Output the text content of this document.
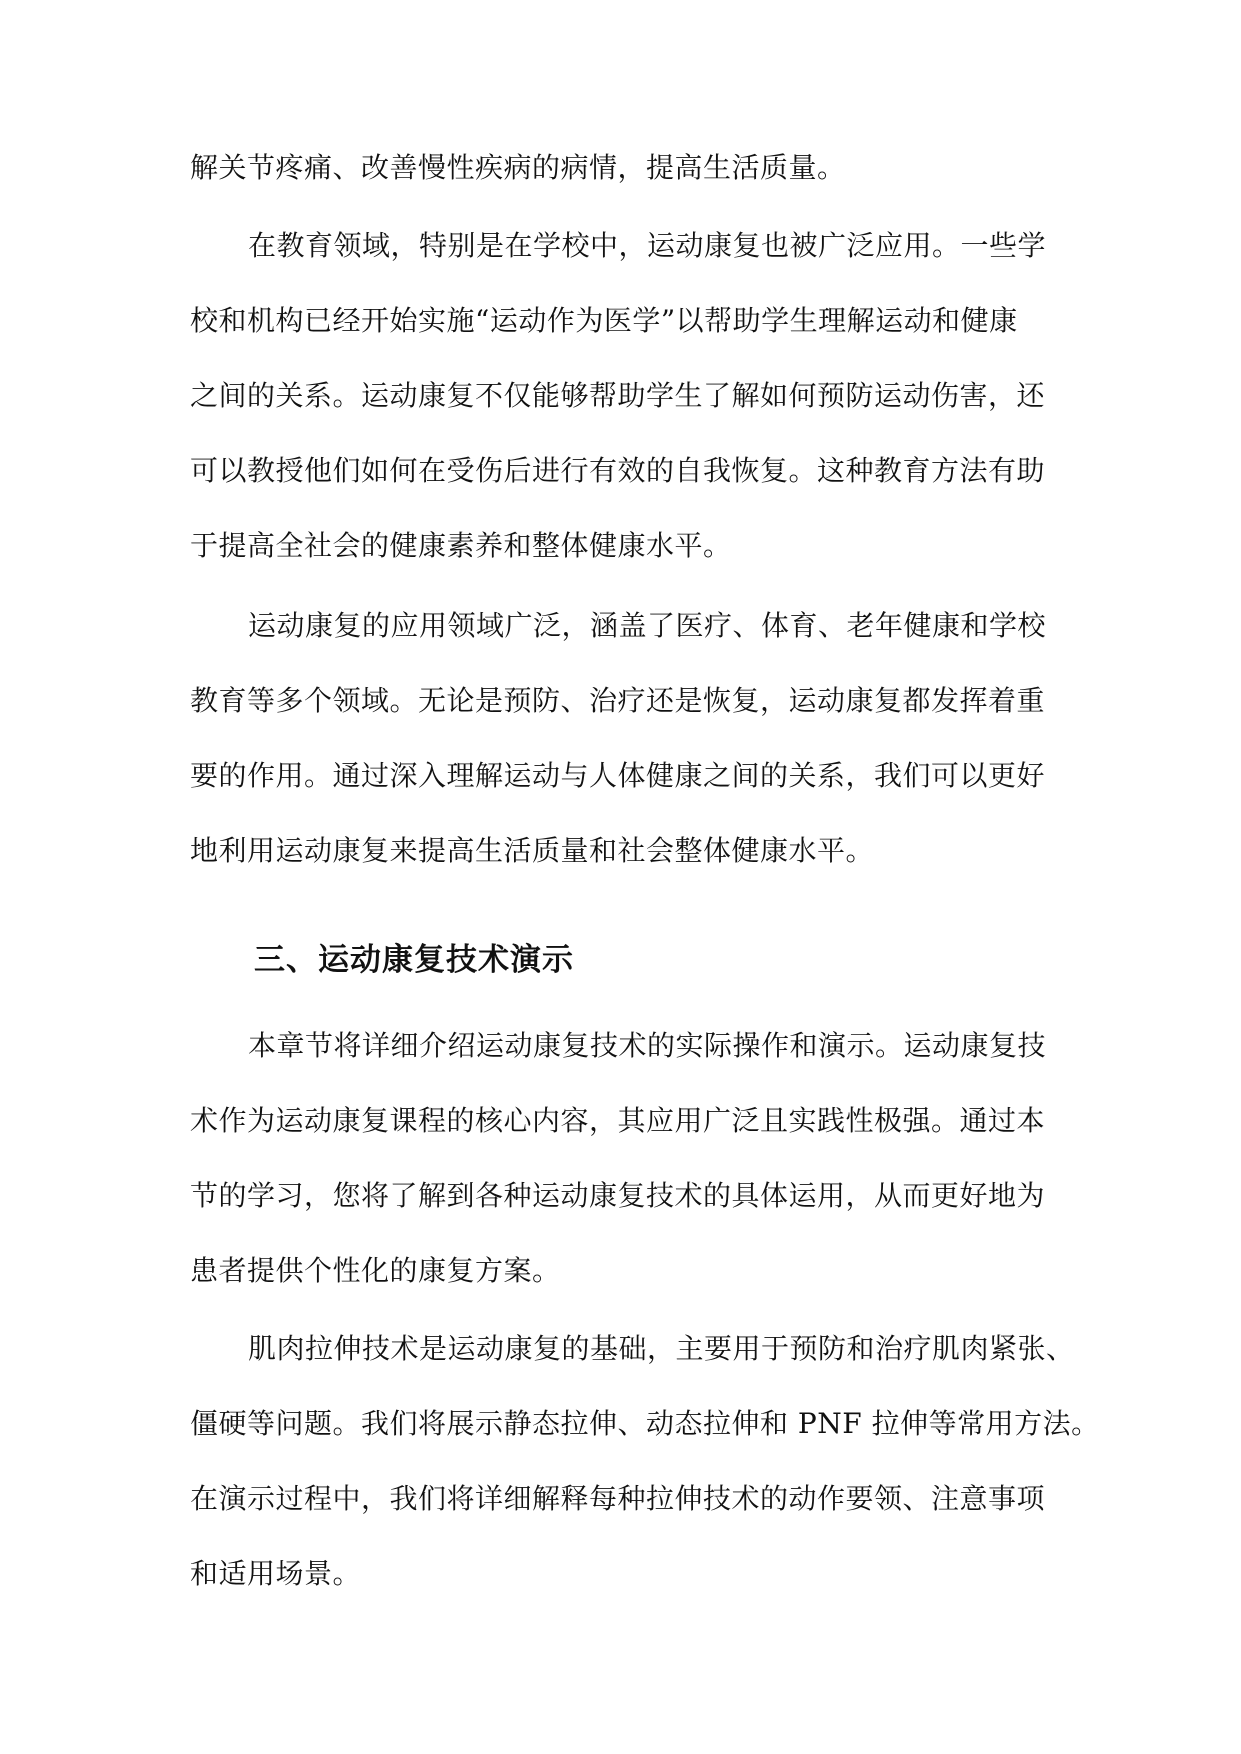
解关节疼痛、改善慢性疾病的病情，提高生活质量。
在教育领域，特别是在学校中，运动康复也被广泛应用。一些学
校和机构已经开始实施“运动作为医学”以帮助学生理解运动和健康
之间的关系。运动康复不仅能够帮助学生了解如何预防运动伤害，还
可以教授他们如何在受伤后进行有效的自我恢复。这种教育方法有助
于提高全社会的健康素养和整体健康水平。
运动康复的应用领域广泛，涵盖了医疗、体育、老年健康和学校
教育等多个领域。无论是预防、治疗还是恢复，运动康复都发挥着重
要的作用。通过深入理解运动与人体健康之间的关系，我们可以更好
地利用运动康复来提高生活质量和社会整体健康水平。
三、运动康复技术演示
本章节将详细介绍运动康复技术的实际操作和演示。运动康复技
术作为运动康复课程的核心内容，其应用广泛且实践性极强。通过本
节的学习，您将了解到各种运动康复技术的具体运用，从而更好地为
患者提供个性化的康复方案。
肌肉拉伸技术是运动康复的基础，主要用于预防和治疗肌肉紧张、
僵硬等问题。我们将展示静态拉伸、动态拉伸和 PNF 拉伸等常用方法。
在演示过程中，我们将详细解释每种拉伸技术的动作要领、注意事项
和适用场景。
